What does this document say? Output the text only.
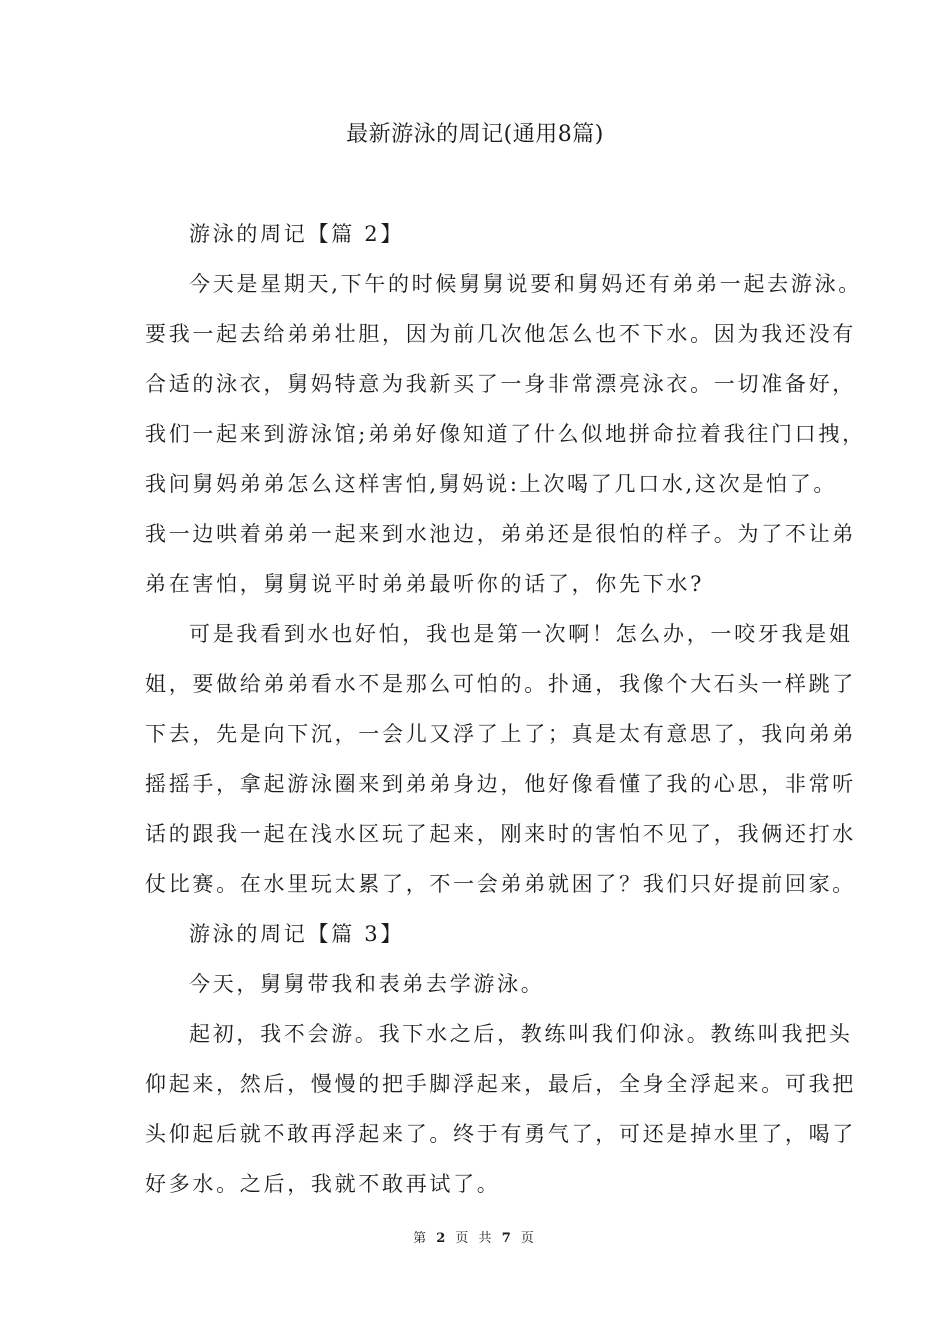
最新游泳的周记(通用8篇)
游泳的周记【篇 2】
今天是星期天,下午的时候舅舅说要和舅妈还有弟弟一起去游泳。
要我一起去给弟弟壮胆，因为前几次他怎么也不下水。因为我还没有
合适的泳衣，舅妈特意为我新买了一身非常漂亮泳衣。一切准备好，
我们一起来到游泳馆;弟弟好像知道了什么似地拼命拉着我往门口拽，
我问舅妈弟弟怎么这样害怕,舅妈说:上次喝了几口水,这次是怕了。
我一边哄着弟弟一起来到水池边，弟弟还是很怕的样子。为了不让弟
弟在害怕，舅舅说平时弟弟最听你的话了，你先下水?
可是我看到水也好怕，我也是第一次啊！怎么办，一咬牙我是姐
姐，要做给弟弟看水不是那么可怕的。扑通，我像个大石头一样跳了
下去，先是向下沉，一会儿又浮了上了；真是太有意思了，我向弟弟
摇摇手，拿起游泳圈来到弟弟身边，他好像看懂了我的心思，非常听
话的跟我一起在浅水区玩了起来，刚来时的害怕不见了，我俩还打水
仗比赛。在水里玩太累了，不一会弟弟就困了？我们只好提前回家。
游泳的周记【篇 3】
今天，舅舅带我和表弟去学游泳。
起初，我不会游。我下水之后，教练叫我们仰泳。教练叫我把头
仰起来，然后，慢慢的把手脚浮起来，最后，全身全浮起来。可我把
头仰起后就不敢再浮起来了。终于有勇气了，可还是掉水里了，喝了
好多水。之后，我就不敢再试了。
第 2 页 共 7 页
